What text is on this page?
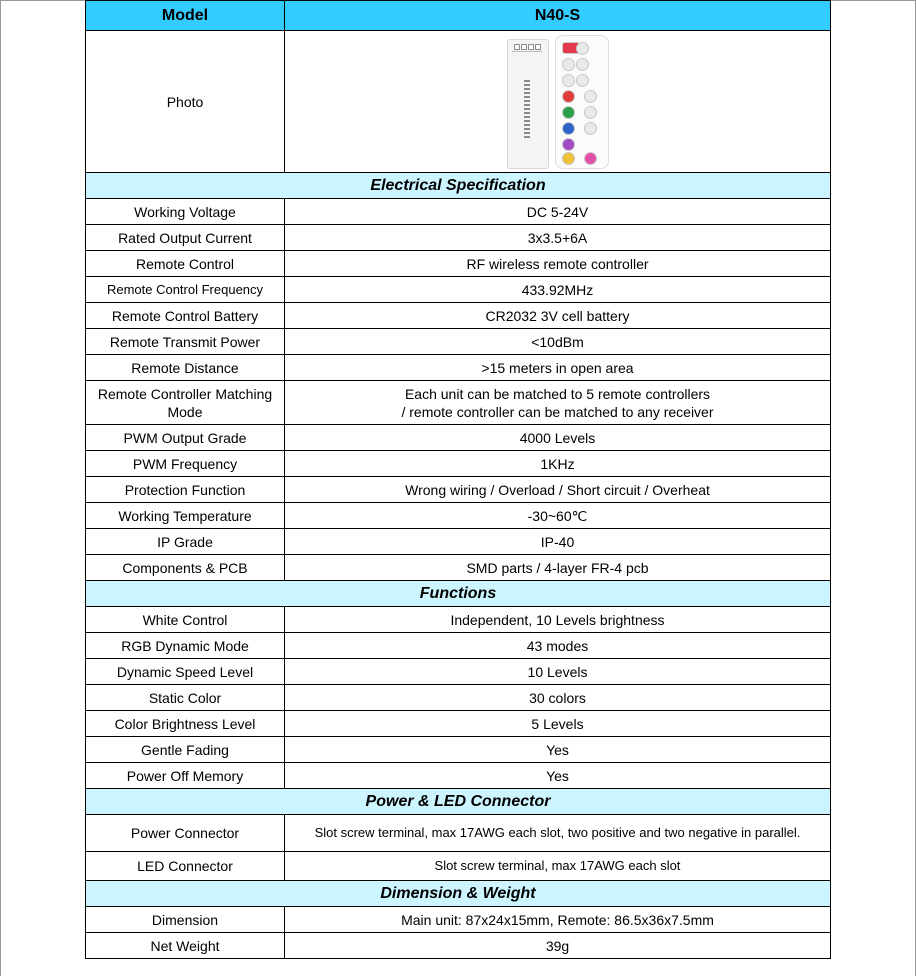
Model	N40-S
Photo	

Electrical Specification	
Working Voltage	DC 5-24V
Rated Output Current	3x3.5+6A
Remote Control	RF wireless remote controller
Remote Control Frequency	433.92MHz
Remote Control Battery	CR2032 3V cell battery
Remote Transmit Power	<10dBm
Remote Distance	>15 meters in open area
Remote Controller Matching
Mode	Each unit can be matched to 5 remote controllers
/ remote controller can be matched to any receiver
PWM Output Grade	4000 Levels
PWM Frequency	1KHz
Protection Function	Wrong wiring / Overload / Short circuit / Overheat
Working Temperature	-30~60℃
IP Grade	IP-40
Components & PCB	SMD parts / 4-layer FR-4 pcb
Functions	
White Control	Independent, 10 Levels brightness
RGB Dynamic Mode	43 modes
Dynamic Speed Level	10 Levels
Static Color	30 colors
Color Brightness Level	5 Levels
Gentle Fading	Yes
Power Off Memory	Yes
Power & LED Connector	
Power Connector	Slot screw terminal, max 17AWG each slot, two positive and two negative in parallel.
LED Connector	Slot screw terminal, max 17AWG each slot
Dimension & Weight	
Dimension	Main unit: 87x24x15mm, Remote: 86.5x36x7.5mm
Net Weight	39g
